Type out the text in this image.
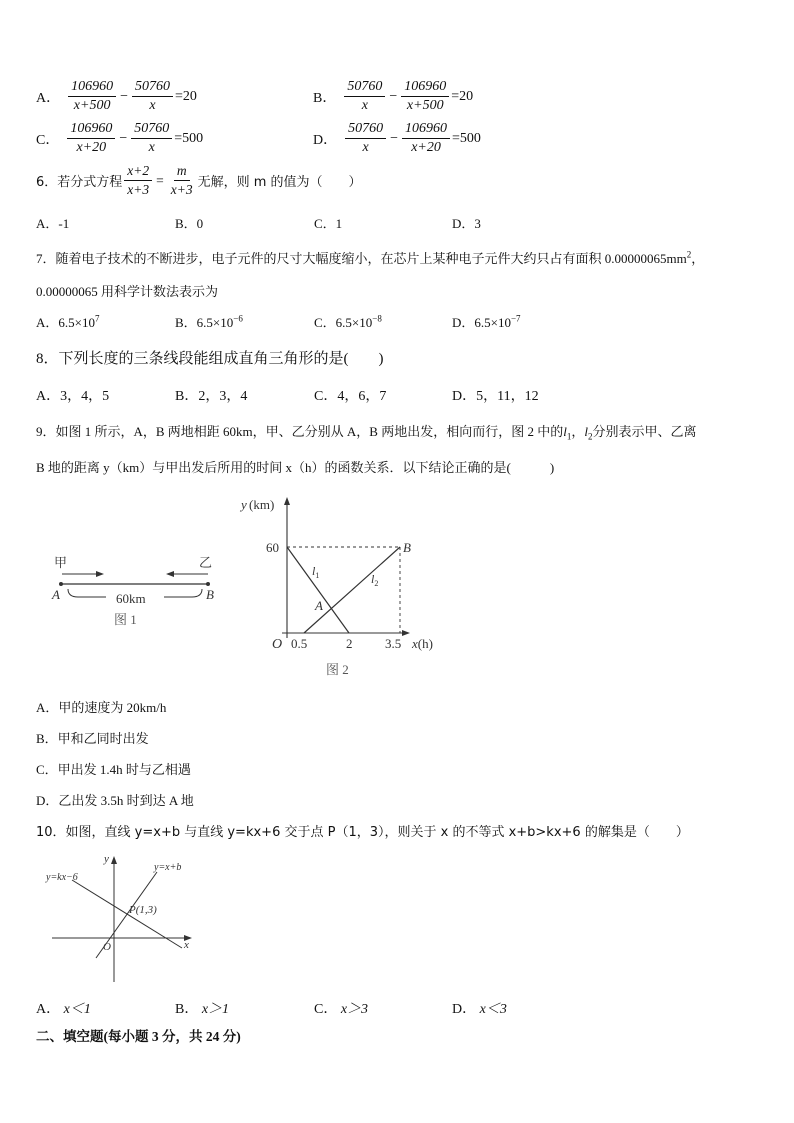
A． $\frac{106960}{x+500} - \frac{50760}{x} =20$	B． $\frac{50760}{x} - \frac{106960}{x+500} =20$
C． $\frac{106960}{x+20} - \frac{50760}{x} =500$	D． $\frac{50760}{x} - \frac{106960}{x+20} =500$
6．若分式方程 $\frac{x+2}{x+3} = \frac{m}{x+3}$ 无解，则 m 的值为（　　）
A．-1	B．0	C．1	D．3
7．随着电子技术的不断进步，电子元件的尺寸大幅度缩小，在芯片上某种电子元件大约只占有面积 $0.00000065mm^2$，
0.00000065 用科学计数法表示为
A．$6.5\times 10^7$	B．$6.5\times 10^{-6}$	C．$6.5\times 10^{-8}$	D．$6.5\times 10^{-7}$
8．下列长度的三条线段能组成直角三角形的是(　　)
A．3，4，5	B．2，3，4	C．4，6，7	D．5，11，12
9．如图 1 所示，A，B 两地相距 60km，甲、乙分别从 A，B 两地出发，相向而行，图 2 中的$l_1$，$l_2$分别表示甲、乙离
B 地的距离 y（km）与甲出发后所用的时间 x（h）的函数关系．以下结论正确的是(　　　)
甲	乙
A	B
60km
图 1
y (km)
60
O 0.5	2	3.5 x(h)
B
A
$l_1$	$l_2$
图 2
A．甲的速度为 20km/h
B．甲和乙同时出发
C．甲出发 1.4h 时与乙相遇
D．乙出发 3.5h 时到达 A 地
10．如图，直线 y=x+b 与直线 y=kx+6 交于点 P（1，3），则关于 x 的不等式 x+b>kx+6 的解集是（　　）
y=kx−6
y=x+b
P(1,3)
O	x
y
A． x＜1	B． x＞1	C． x＞3	D． x＜3
二、填空题(每小题 3 分，共 24 分)
